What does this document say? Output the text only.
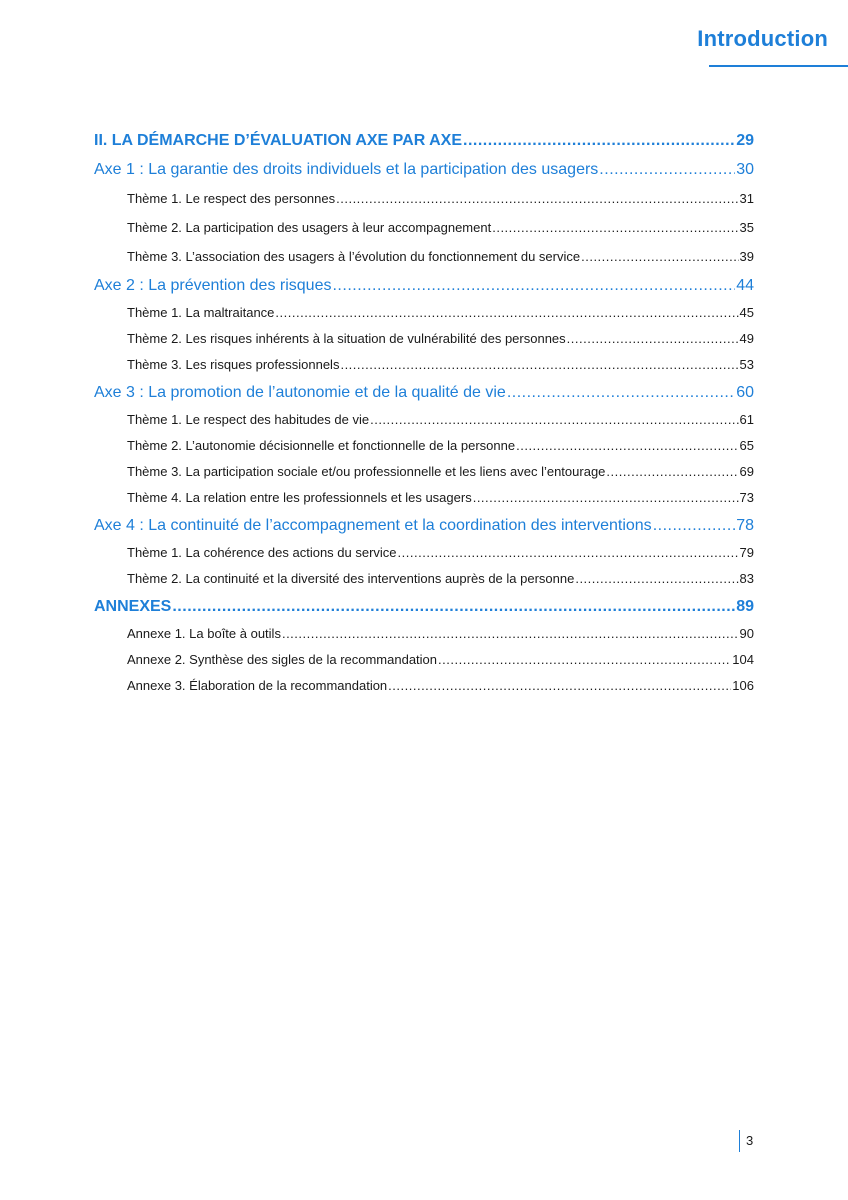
Introduction
II. LA DÉMARCHE D’ÉVALUATION AXE PAR AXE .....	29
Axe 1 : La garantie des droits individuels et la participation des usagers .....	30
Thème 1. Le respect des personnes .....	31
Thème 2. La participation des usagers à leur accompagnement .....	35
Thème 3. L’association des usagers à l’évolution du fonctionnement du service .....	39
Axe 2 : La prévention des risques .....	44
Thème 1. La maltraitance .....	45
Thème 2. Les risques inhérents à la situation de vulnérabilité des personnes .....	49
Thème 3. Les risques professionnels .....	53
Axe 3 : La promotion de l’autonomie et de la qualité de vie .....	60
Thème 1. Le respect des habitudes de vie .....	61
Thème 2. L’autonomie décisionnelle et fonctionnelle de la personne .....	65
Thème 3. La participation sociale et/ou professionnelle et les liens avec l’entourage .....	69
Thème 4. La relation entre les professionnels et les usagers .....	73
Axe 4 : La continuité de l’accompagnement et la coordination des interventions .....	78
Thème 1. La cohérence des actions du service .....	79
Thème 2. La continuité et la diversité des interventions auprès de la personne .....	83
ANNEXES .....	89
Annexe 1. La boîte à outils .....	90
Annexe 2. Synthèse des sigles de la recommandation .....	104
Annexe 3. Élaboration de la recommandation .....	106
3
